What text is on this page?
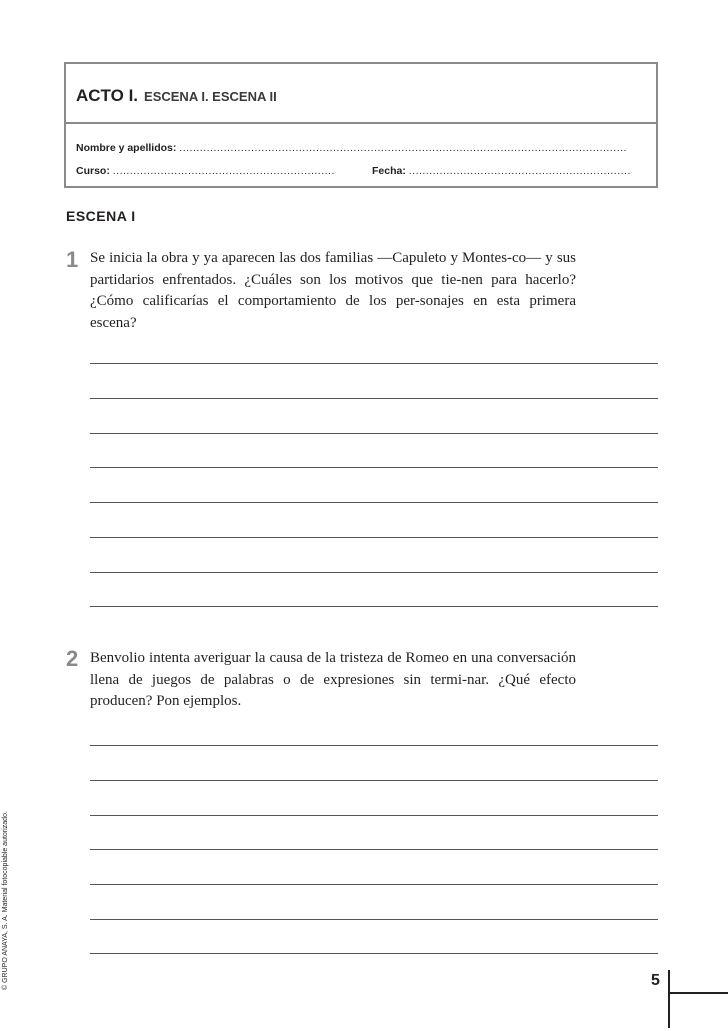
ACTO I. ESCENA I. ESCENA II
Nombre y apellidos: ...................................................................................................................................
Curso: .................................................................	Fecha: .................................................................
ESCENA I
1 Se inicia la obra y ya aparecen las dos familias —Capuleto y Montes-co— y sus partidarios enfrentados. ¿Cuáles son los motivos que tie-nen para hacerlo? ¿Cómo calificarías el comportamiento de los per-sonajes en esta primera escena?
2 Benvolio intenta averiguar la causa de la tristeza de Romeo en una conversación llena de juegos de palabras o de expresiones sin termi-nar. ¿Qué efecto producen? Pon ejemplos.
© GRUPO ANAYA, S. A. Material fotocopiable autorizado.	5
